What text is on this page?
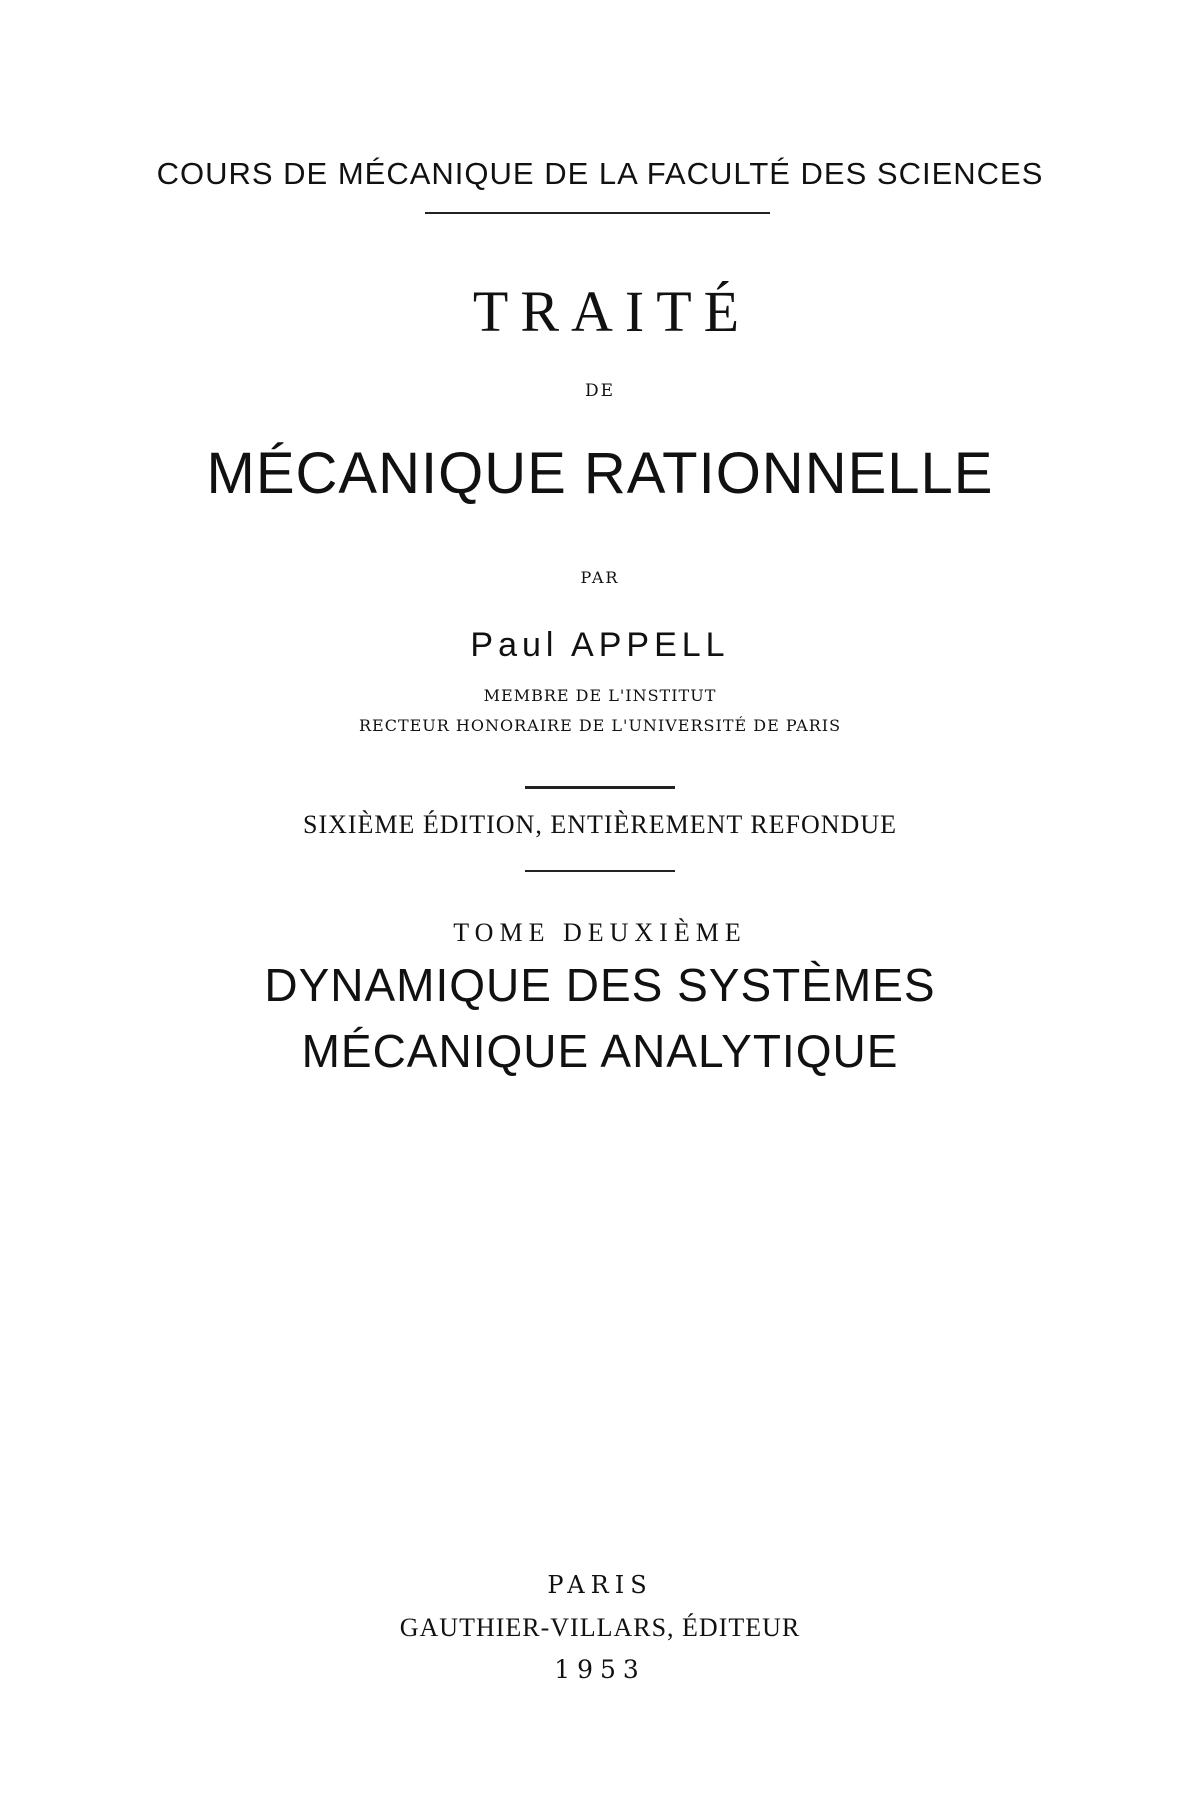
COURS DE MÉCANIQUE DE LA FACULTÉ DES SCIENCES
TRAITÉ
DE
MÉCANIQUE RATIONNELLE
PAR
Paul APPELL
MEMBRE DE L'INSTITUT
RECTEUR HONORAIRE DE L'UNIVERSITÉ DE PARIS
SIXIÈME ÉDITION, ENTIÈREMENT REFONDUE
TOME DEUXIÈME
DYNAMIQUE DES SYSTÈMES
MÉCANIQUE ANALYTIQUE
PARIS
GAUTHIER-VILLARS, ÉDITEUR
1953
